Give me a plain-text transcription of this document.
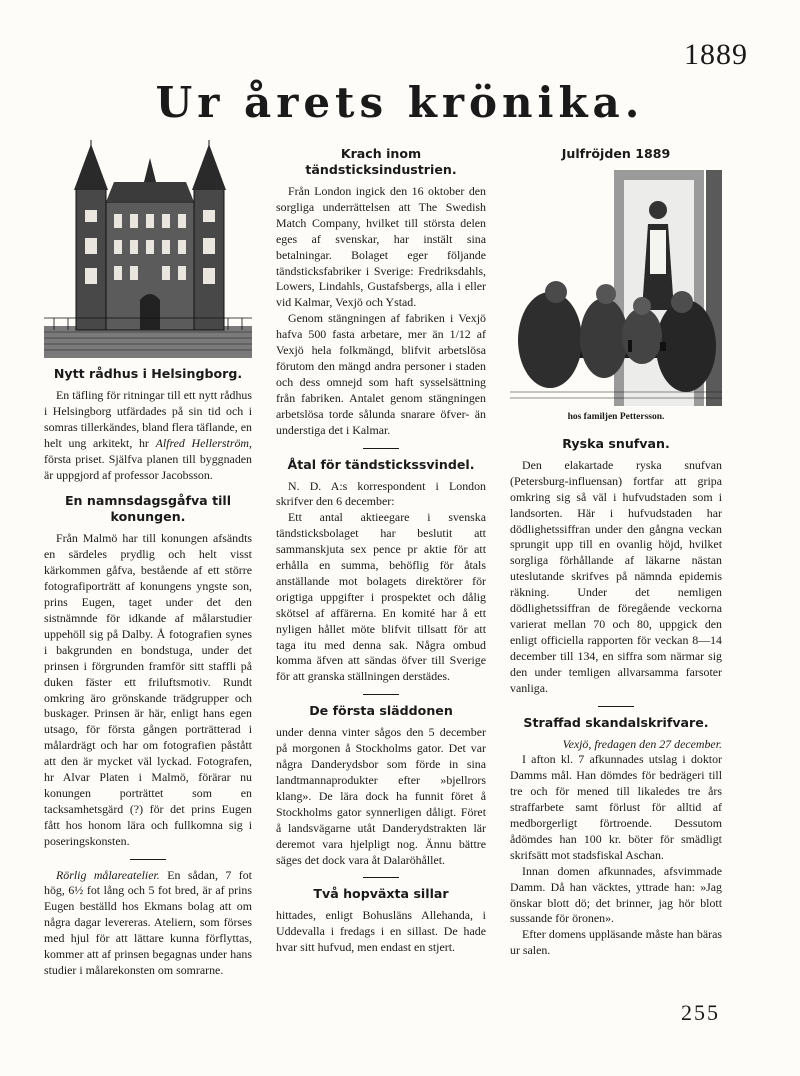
1889
Ur årets krönika.
Nytt rådhus i Helsingborg.

En täfling för ritningar till ett nytt rådhus i Helsingborg utfärdades på sin tid och i somras tillerkändes, bland flera täflande, en helt ung arkitekt, hr Alfred Hellerström, första priset. Själfva planen till byggnaden är uppgjord af professor Jacobsson.

En namnsdagsgåfva till konungen.

Från Malmö har till konungen afsändts en särdeles prydlig och helt visst kärkommen gåfva, bestående af ett större fotografiporträtt af konungens yngste son, prins Eugen, taget under det den sistnämnde för idkande af målarstudier uppehöll sig på Dalby. Å fotografien synes i bakgrunden en bondstuga, under det prinsen i förgrunden framför sitt staffli på duken fäster ett friluftsmotiv. Rundt omkring äro grönskande trädgrupper och buskager. Prinsen är här, enligt hans egen utsago, för första gången porträtterad i målardrägt och har om fotografien påstått att den är mycket väl lyckad. Fotografen, hr Alvar Platen i Malmö, förärar nu konungen porträttet som en tacksamhetsgärd (?) för det prins Eugen fått hos honom lära och fullkomna sig i poseringskonsten.

Rörlig målareatelier. En sådan, 7 fot hög, 6½ fot lång och 5 fot bred, är af prins Eugen beställd hos Ekmans bolag att om några dagar levereras. Ateliern, som förses med hjul för att lättare kunna förflyttas, kommer att af prinsen begagnas under hans studier i målarekonsten om somrarne.

Krach inom tändsticksindustrien.

Från London ingick den 16 oktober den sorgliga underrättelsen att The Swedish Match Company, hvilket till största delen eges af svenskar, har instält sina betalningar. Bolaget eger följande tändsticksfabriker i Sverige: Fredriksdahls, Lowers, Lindahls, Gustafsbergs, alla i eller vid Kalmar, Vexjö och Ystad.

Genom stängningen af fabriken i Vexjö hafva 500 fasta arbetare, mer än 1/12 af Vexjö hela folkmängd, blifvit arbetslösa förutom den mängd andra personer i staden och dess omnejd som haft sysselsättning från fabriken. Antalet genom stängningen arbetslösa torde sålunda snarare öfver- än understiga det i Kalmar.

Åtal för tändstickssvindel.

N. D. A:s korrespondent i London skrifver den 6 december:

Ett antal aktieegare i svenska tändsticksbolaget har beslutit att sammanskjuta sex pence pr aktie för att erhålla en summa, behöflig för åtals anställande mot bolagets direktörer för origtiga uppgifter i prospektet och dålig skötsel af affärerna. En komité har å ett nyligen hållet möte blifvit tillsatt för att taga itu med denna sak. Några ombud komma äfven att sändas öfver till Sverige för att granska ställningen derstädes.

De första släddonen

under denna vinter sågos den 5 december på morgonen å Stockholms gator. Det var några Danderydsbor som förde in sina landtmannaprodukter efter »bjellrors klang». De lära dock ha funnit föret å Stockholms gator synnerligen dåligt. Föret å landsvägarne utåt Danderydstrakten lär deremot vara hjelpligt nog. Ännu bättre säges det dock vara åt Dalaröhållet.

Två hopväxta sillar

hittades, enligt Bohusläns Allehanda, i Uddevalla i fredags i en sillast. De hade hvar sitt hufvud, men endast en stjert.

Julfröjden 1889
hos familjen Pettersson.
Ryska snufvan.

Den elakartade ryska snufvan (Petersburg-influensan) fortfar att gripa omkring sig så väl i hufvudstaden som i landsorten. Här i hufvudstaden har dödlighetssiffran under den gångna veckan sprungit upp till en ovanlig höjd, hvilket sorgliga förhållande af läkarne nästan uteslutande skrifves på nämnda epidemis räkning. Under det nemligen dödlighetssiffran de föregående veckorna varierat mellan 70 och 80, uppgick den enligt officiella rapporten för veckan 8—14 december till 134, en siffra som närmar sig den under temligen allvarsamma farsoter vanliga.

Straffad skandalskrifvare.

Vexjö, fredagen den 27 december.

I afton kl. 7 afkunnades utslag i doktor Damms mål. Han dömdes för bedrägeri till tre och för mened till likaledes tre års straffarbete samt förlust för alltid af medborgerligt förtroende. Dessutom ådömdes han 100 kr. böter för smädligt skrifsätt mot stadsfiskal Aschan.

Innan domen afkunnades, afsvimmade Damm. Då han väcktes, yttrade han: »Jag önskar blott dö; det brinner, jag hör blott sussande för öronen».

Efter domens uppläsande måste han bäras ur salen.

255
